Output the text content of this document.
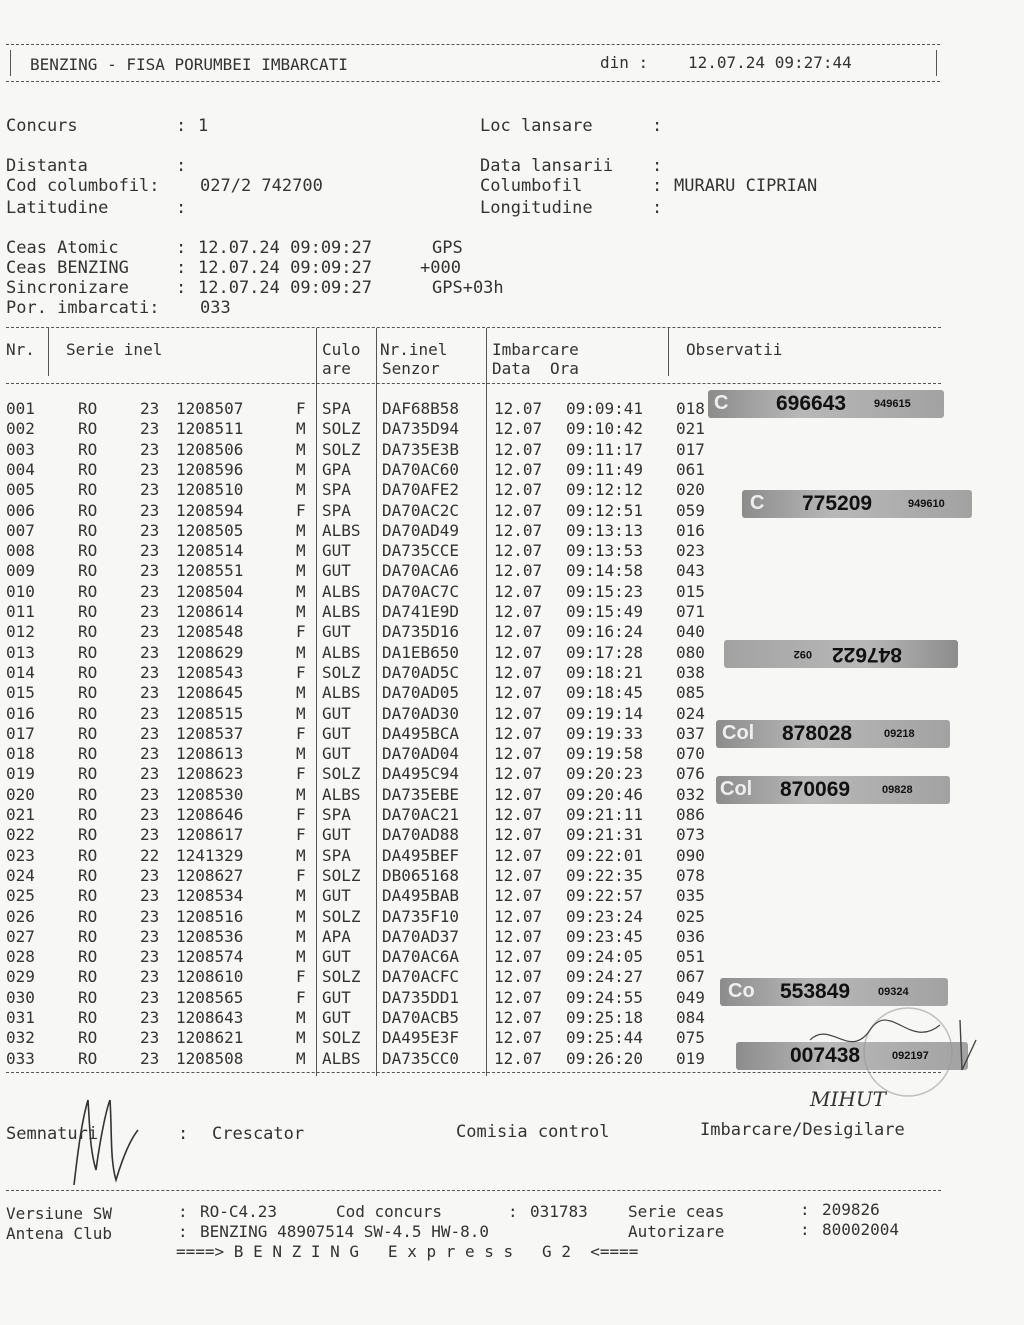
BENZING - FISA PORUMBEI IMBARCATI	din : 12.07.24 09:27:44
Concurs	: 1	Loc lansare	:
Distanta	:	Data lansarii :
Cod columbofil: 027/2 742700	Columbofil	: MURARU CIPRIAN
Latitudine	:	Longitudine	:
Ceas Atomic	: 12.07.24 09:09:27	GPS
Ceas BENZING	: 12.07.24 09:09:27	+000
Sincronizare	: 12.07.24 09:09:27	GPS+03h
Por. imbarcati: 033
Nr. Serie inel	Culo
are
Nr.inel
Senzor
Imbarcare
Data Ora
Observatii
001	RO	23 1208507	F SPA DAF68B58 12.07 09:09:41 018
002	RO	23 1208511	M SOLZ DA735D94 12.07 09:10:42 021
003	RO	23 1208506	M SOLZ DA735E3B 12.07 09:11:17 017
004	RO	23 1208596	M GPA DA70AC60 12.07 09:11:49 061
005	RO	23 1208510	M SPA DA70AFE2 12.07 09:12:12 020
006	RO	23 1208594	F SPA DA70AC2C 12.07 09:12:51 059
007	RO	23 1208505	M ALBS DA70AD49 12.07 09:13:13 016
008	RO	23 1208514	M GUT DA735CCE 12.07 09:13:53 023
009	RO	23 1208551	M GUT DA70ACA6 12.07 09:14:58 043
010	RO	23 1208504	M ALBS DA70AC7C 12.07 09:15:23 015
011	RO	23 1208614	M ALBS DA741E9D 12.07 09:15:49 071
012	RO	23 1208548	F GUT DA735D16 12.07 09:16:24 040
013	RO	23 1208629	M ALBS DA1EB650 12.07 09:17:28 080
014	RO	23 1208543	F SOLZ DA70AD5C 12.07 09:18:21 038
015	RO	23 1208645	M ALBS DA70AD05 12.07 09:18:45 085
016	RO	23 1208515	M GUT DA70AD30 12.07 09:19:14 024
017	RO	23 1208537	F GUT DA495BCA 12.07 09:19:33 037
018	RO	23 1208613	M GUT DA70AD04 12.07 09:19:58 070
019	RO	23 1208623	F SOLZ DA495C94 12.07 09:20:23 076
020	RO	23 1208530	M ALBS DA735EBE 12.07 09:20:46 032
021	RO	23 1208646	F SPA DA70AC21 12.07 09:21:11 086
022	RO	23 1208617	F GUT DA70AD88 12.07 09:21:31 073
023	RO	22 1241329	M SPA DA495BEF 12.07 09:22:01 090
024	RO	23 1208627	F SOLZ DB065168 12.07 09:22:35 078
025	RO	23 1208534	M GUT DA495BAB 12.07 09:22:57 035
026	RO	23 1208516	M SOLZ DA735F10 12.07 09:23:24 025
027	RO	23 1208536	M APA DA70AD37 12.07 09:23:45 036
028	RO	23 1208574	M GUT DA70AC6A 12.07 09:24:05 051
029	RO	23 1208610	F SOLZ DA70ACFC 12.07 09:24:27 067
030	RO	23 1208565	F GUT DA735DD1 12.07 09:24:55 049
031	RO	23 1208643	M GUT DA70ACB5 12.07 09:25:18 084
032	RO	23 1208621	M SOLZ DA495E3F 12.07 09:25:44 075
033	RO	23 1208508	M ALBS DA735CC0 12.07 09:26:20 019
C 696643	949615
C 775209	949610
847622
092
Col 878028	09218
Col 870069	09828
Co 553849	09324
007438	092197
MIHUT
Semnaturi	: Crescator	Comisia control	Imbarcare/Desigilare
Versiune SW	: RO-C4.23	Cod concurs	: 031783	Serie ceas	: 209826
Antena Club	: BENZING 48907514 SW-4.5 HW-8.0	Autorizare	: 80002004
====> B E N Z I N G   E x p r e s s   G 2  <====
